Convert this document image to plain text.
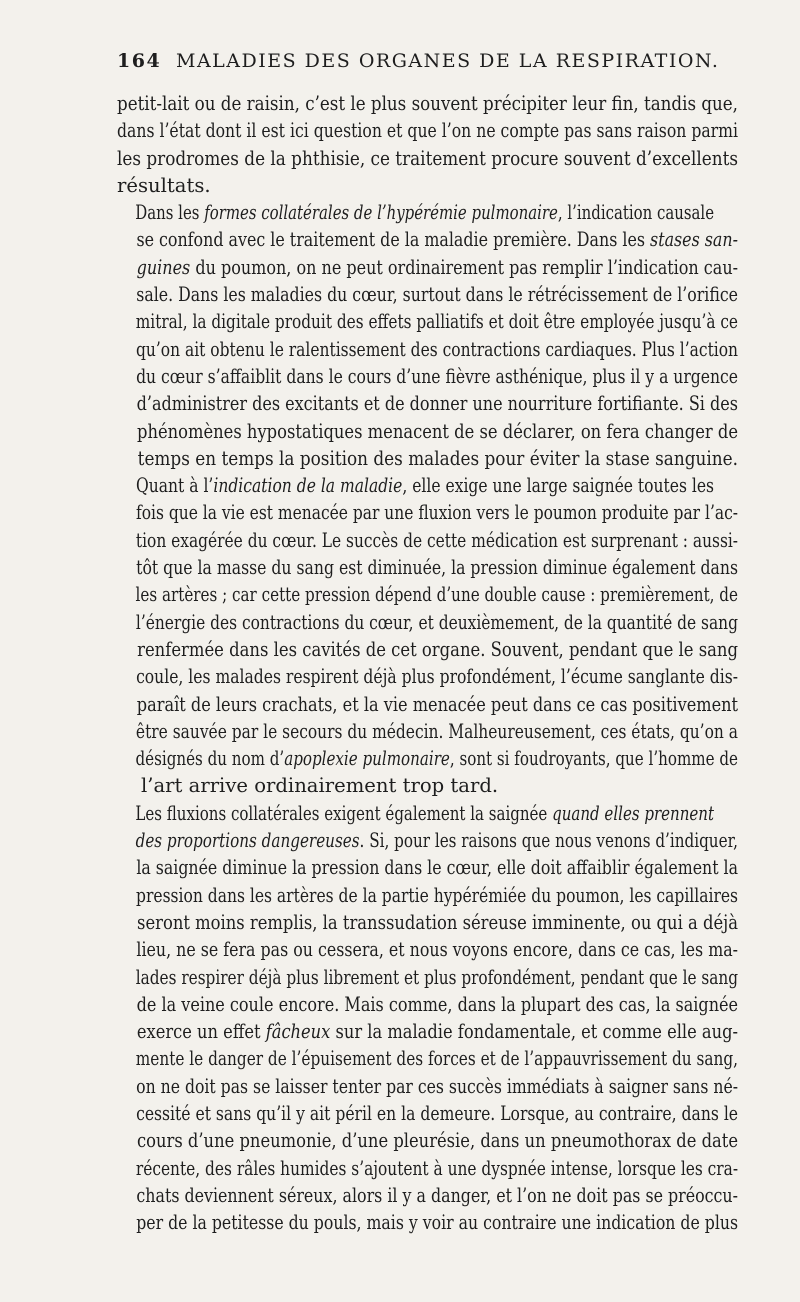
164 MALADIES DES ORGANES DE LA RESPIRATION.

petit-lait ou de raisin, c’est le plus souvent précipiter leur fin, tandis que,
dans l’état dont il est ici question et que l’on ne compte pas sans raison parmi
les prodromes de la phthisie, ce traitement procure souvent d’excellents
résultats.

Dans les formes collatérales de l’hypérémie pulmonaire, l’indication causale
se confond avec le traitement de la maladie première. Dans les stases san-
guines du poumon, on ne peut ordinairement pas remplir l’indication cau-
sale. Dans les maladies du cœur, surtout dans le rétrécissement de l’orifice
mitral, la digitale produit des effets palliatifs et doit être employée jusqu’à ce
qu’on ait obtenu le ralentissement des contractions cardiaques. Plus l’action
du cœur s’affaiblit dans le cours d’une fièvre asthénique, plus il y a urgence
d’administrer des excitants et de donner une nourriture fortifiante. Si des
phénomènes hypostatiques menacent de se déclarer, on fera changer de
temps en temps la position des malades pour éviter la stase sanguine.

Quant à l’indication de la maladie, elle exige une large saignée toutes les
fois que la vie est menacée par une fluxion vers le poumon produite par l’ac-
tion exagérée du cœur. Le succès de cette médication est surprenant : aussi-
tôt que la masse du sang est diminuée, la pression diminue également dans
les artères ; car cette pression dépend d’une double cause : premièrement, de
l’énergie des contractions du cœur, et deuxièmement, de la quantité de sang
renfermée dans les cavités de cet organe. Souvent, pendant que le sang
coule, les malades respirent déjà plus profondément, l’écume sanglante dis-
paraît de leurs crachats, et la vie menacée peut dans ce cas positivement
être sauvée par le secours du médecin. Malheureusement, ces états, qu’on a
désignés du nom d’apoplexie pulmonaire, sont si foudroyants, que l’homme de
l’art arrive ordinairement trop tard.

Les fluxions collatérales exigent également la saignée quand elles prennent
des proportions dangereuses. Si, pour les raisons que nous venons d’indiquer,
la saignée diminue la pression dans le cœur, elle doit affaiblir également la
pression dans les artères de la partie hypérémiée du poumon, les capillaires
seront moins remplis, la transsudation séreuse imminente, ou qui a déjà
lieu, ne se fera pas ou cessera, et nous voyons encore, dans ce cas, les ma-
lades respirer déjà plus librement et plus profondément, pendant que le sang
de la veine coule encore. Mais comme, dans la plupart des cas, la saignée
exerce un effet fâcheux sur la maladie fondamentale, et comme elle aug-
mente le danger de l’épuisement des forces et de l’appauvrissement du sang,
on ne doit pas se laisser tenter par ces succès immédiats à saigner sans né-
cessité et sans qu’il y ait péril en la demeure. Lorsque, au contraire, dans le
cours d’une pneumonie, d’une pleurésie, dans un pneumothorax de date
récente, des râles humides s’ajoutent à une dyspnée intense, lorsque les cra-
chats deviennent séreux, alors il y a danger, et l’on ne doit pas se préoccu-
per de la petitesse du pouls, mais y voir au contraire une indication de plus
